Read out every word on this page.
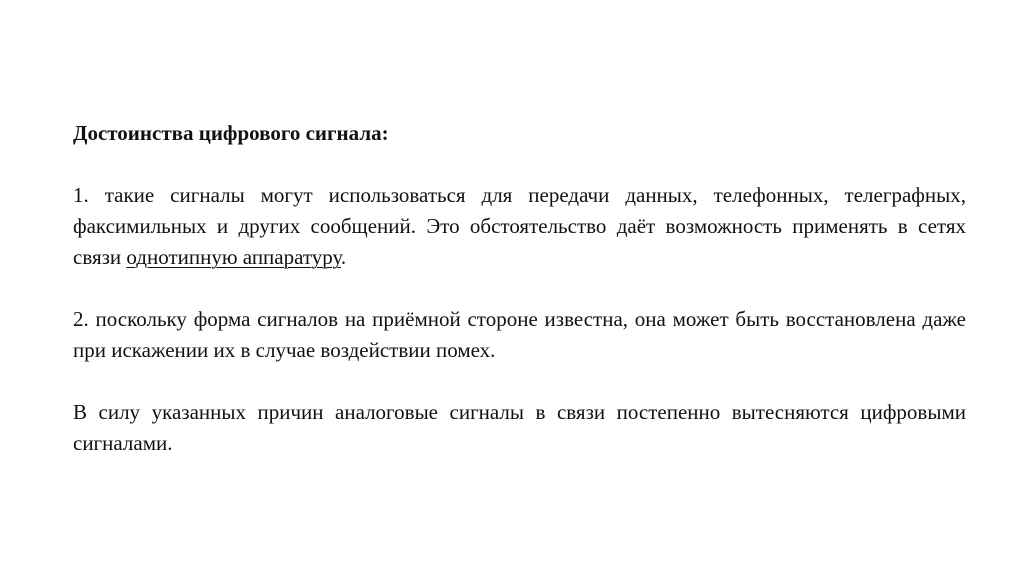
Достоинства цифрового сигнала:

1. такие сигналы могут использоваться для передачи данных, телефонных, телеграфных, факсимильных и других сообщений. Это обстоятельство даёт возможность применять в сетях связи однотипную аппаратуру.

2. поскольку форма сигналов на приёмной стороне известна, она может быть восстановлена даже при искажении их в случае воздействии помех.

В силу указанных причин аналоговые сигналы в связи постепенно вытесняются цифровыми сигналами.
